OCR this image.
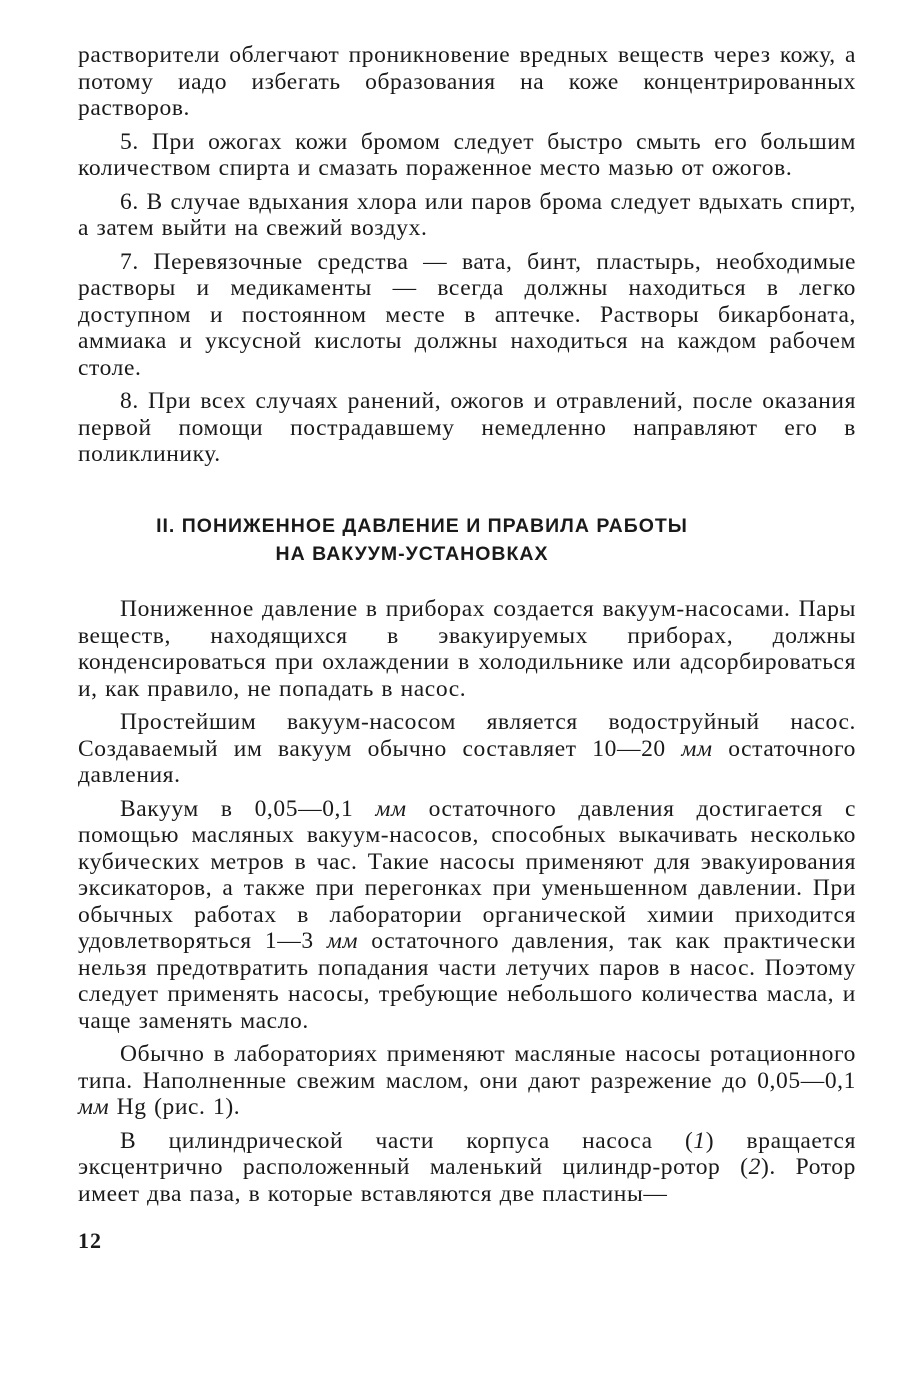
растворители облегчают проникновение вредных веществ через кожу, а потому иадо избегать образования на коже концентрированных растворов.

5. При ожогах кожи бромом следует быстро смыть его большим количеством спирта и смазать пораженное место мазью от ожогов.

6. В случае вдыхания хлора или паров брома следует вдыхать спирт, а затем выйти на свежий воздух.

7. Перевязочные средства — вата, бинт, пластырь, необходимые растворы и медикаменты — всегда должны находиться в легко доступном и постоянном месте в аптечке. Растворы бикарбоната, аммиака и уксусной кислоты должны находиться на каждом рабочем столе.

8. При всех случаях ранений, ожогов и отравлений, после оказания первой помощи пострадавшему немедленно направляют его в поликлинику.

II. ПОНИЖЕННОЕ ДАВЛЕНИЕ И ПРАВИЛА РАБОТЫ
НА ВАКУУМ-УСТАНОВКАХ

Пониженное давление в приборах создается вакуум-насосами. Пары веществ, находящихся в эвакуируемых приборах, должны конденсироваться при охлаждении в холодильнике или адсорбироваться и, как правило, не попадать в насос.

Простейшим вакуум-насосом является водоструйный насос. Создаваемый им вакуум обычно составляет 10—20 мм остаточного давления.

Вакуум в 0,05—0,1 мм остаточного давления достигается с помощью масляных вакуум-насосов, способных выкачивать несколько кубических метров в час. Такие насосы применяют для эвакуирования эксикаторов, а также при перегонках при уменьшенном давлении. При обычных работах в лаборатории органической химии приходится удовлетворяться 1—3 мм остаточного давления, так как практически нельзя предотвратить попадания части летучих паров в насос. Поэтому следует применять насосы, требующие небольшого количества масла, и чаще заменять масло.

Обычно в лабораториях применяют масляные насосы ротационного типа. Наполненные свежим маслом, они дают разрежение до 0,05—0,1 мм Hg (рис. 1).

В цилиндрической части корпуса насоса (1) вращается эксцентрично расположенный маленький цилиндр-ротор (2). Ротор имеет два паза, в которые вставляются две пластины—

12
